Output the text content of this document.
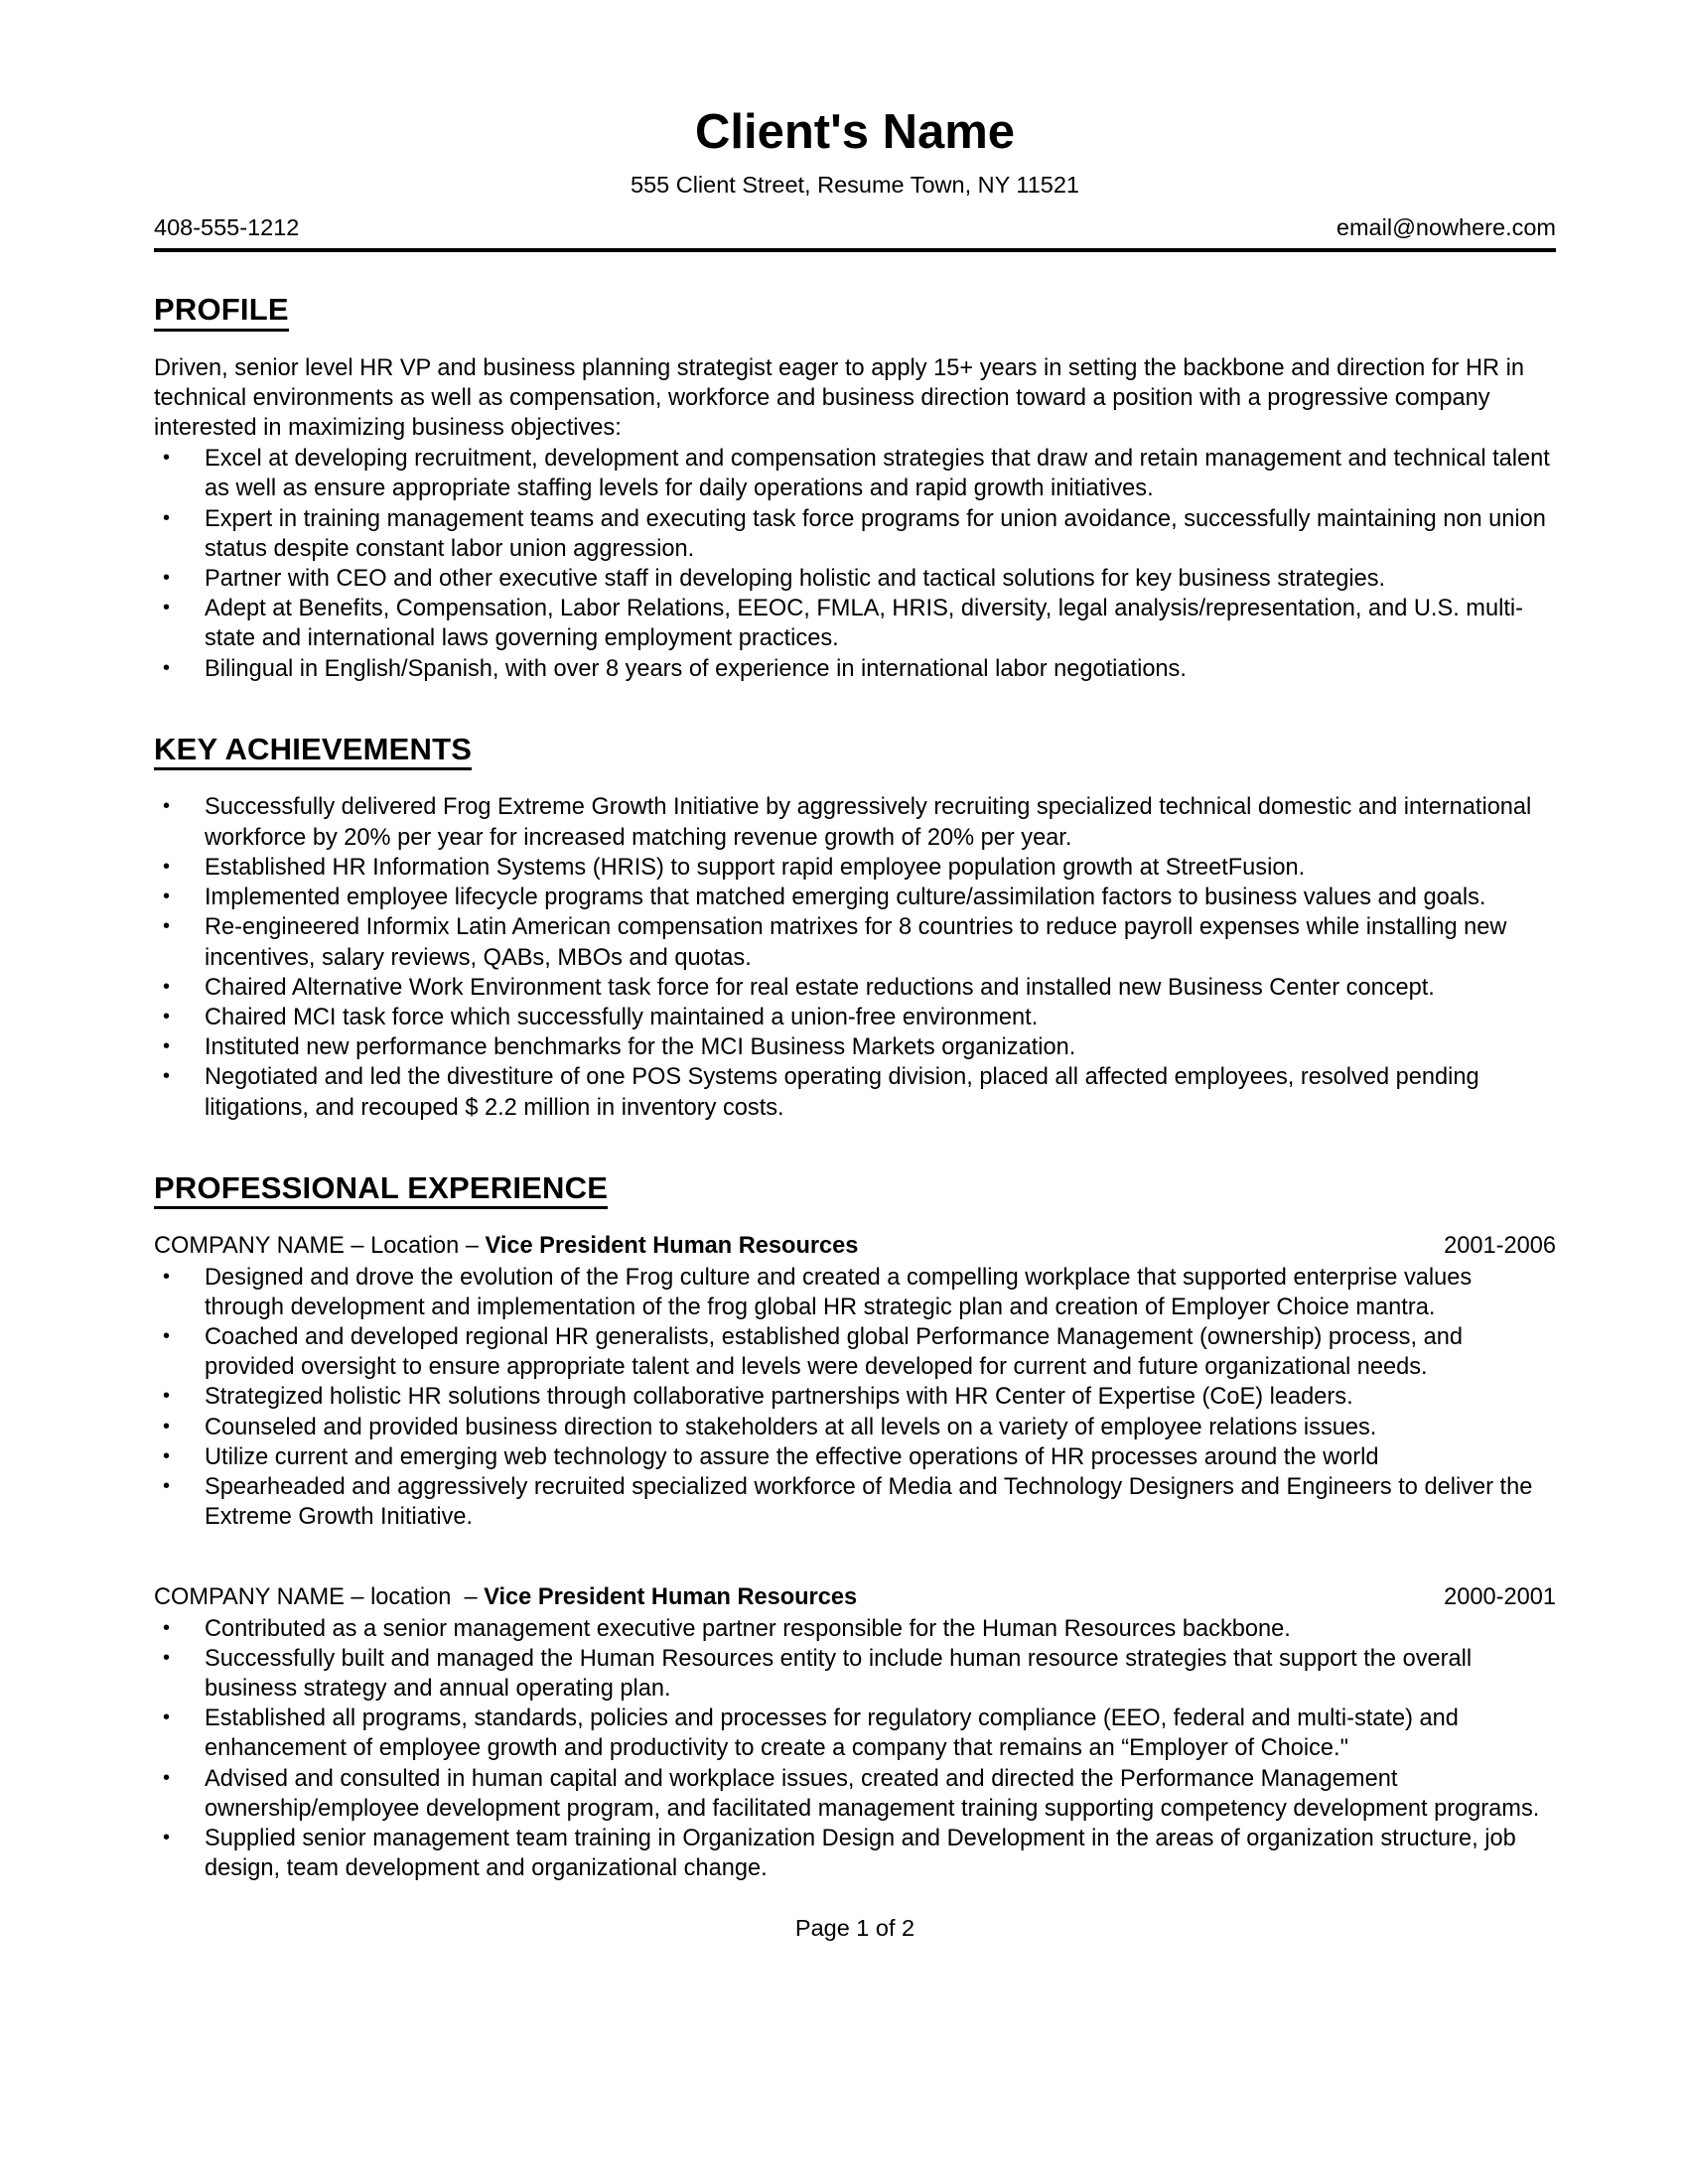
Client's Name
555 Client Street, Resume Town, NY 11521
408-555-1212	email@nowhere.com
PROFILE

Driven, senior level HR VP and business planning strategist eager to apply 15+ years in setting the backbone and direction for HR in technical environments as well as compensation, workforce and business direction toward a position with a progressive company interested in maximizing business objectives:

• Excel at developing recruitment, development and compensation strategies that draw and retain management and technical talent as well as ensure appropriate staffing levels for daily operations and rapid growth initiatives.
• Expert in training management teams and executing task force programs for union avoidance, successfully maintaining non union status despite constant labor union aggression.
• Partner with CEO and other executive staff in developing holistic and tactical solutions for key business strategies.
• Adept at Benefits, Compensation, Labor Relations, EEOC, FMLA, HRIS, diversity, legal analysis/representation, and U.S. multi-state and international laws governing employment practices.
• Bilingual in English/Spanish, with over 8 years of experience in international labor negotiations.
KEY ACHIEVEMENTS
• Successfully delivered Frog Extreme Growth Initiative by aggressively recruiting specialized technical domestic and international workforce by 20% per year for increased matching revenue growth of 20% per year.
• Established HR Information Systems (HRIS) to support rapid employee population growth at StreetFusion.
• Implemented employee lifecycle programs that matched emerging culture/assimilation factors to business values and goals.
• Re-engineered Informix Latin American compensation matrixes for 8 countries to reduce payroll expenses while installing new incentives, salary reviews, QABs, MBOs and quotas.
• Chaired Alternative Work Environment task force for real estate reductions and installed new Business Center concept.
• Chaired MCI task force which successfully maintained a union-free environment.
• Instituted new performance benchmarks for the MCI Business Markets organization.
• Negotiated and led the divestiture of one POS Systems operating division, placed all affected employees, resolved pending litigations, and recouped $ 2.2 million in inventory costs.
PROFESSIONAL EXPERIENCE
COMPANY NAME – Location – Vice President Human Resources	2001-2006
• Designed and drove the evolution of the Frog culture and created a compelling workplace that supported enterprise values through development and implementation of the frog global HR strategic plan and creation of Employer Choice mantra.
• Coached and developed regional HR generalists, established global Performance Management (ownership) process, and provided oversight to ensure appropriate talent and levels were developed for current and future organizational needs.
• Strategized holistic HR solutions through collaborative partnerships with HR Center of Expertise (CoE) leaders.
• Counseled and provided business direction to stakeholders at all levels on a variety of employee relations issues.
• Utilize current and emerging web technology to assure the effective operations of HR processes around the world
• Spearheaded and aggressively recruited specialized workforce of Media and Technology Designers and Engineers to deliver the Extreme Growth Initiative.
COMPANY NAME – location  – Vice President Human Resources	2000-2001
• Contributed as a senior management executive partner responsible for the Human Resources backbone.
• Successfully built and managed the Human Resources entity to include human resource strategies that support the overall business strategy and annual operating plan.
• Established all programs, standards, policies and processes for regulatory compliance (EEO, federal and multi-state) and enhancement of employee growth and productivity to create a company that remains an “Employer of Choice."
• Advised and consulted in human capital and workplace issues, created and directed the Performance Management ownership/employee development program, and facilitated management training supporting competency development programs.
• Supplied senior management team training in Organization Design and Development in the areas of organization structure, job design, team development and organizational change.
Page 1 of 2
